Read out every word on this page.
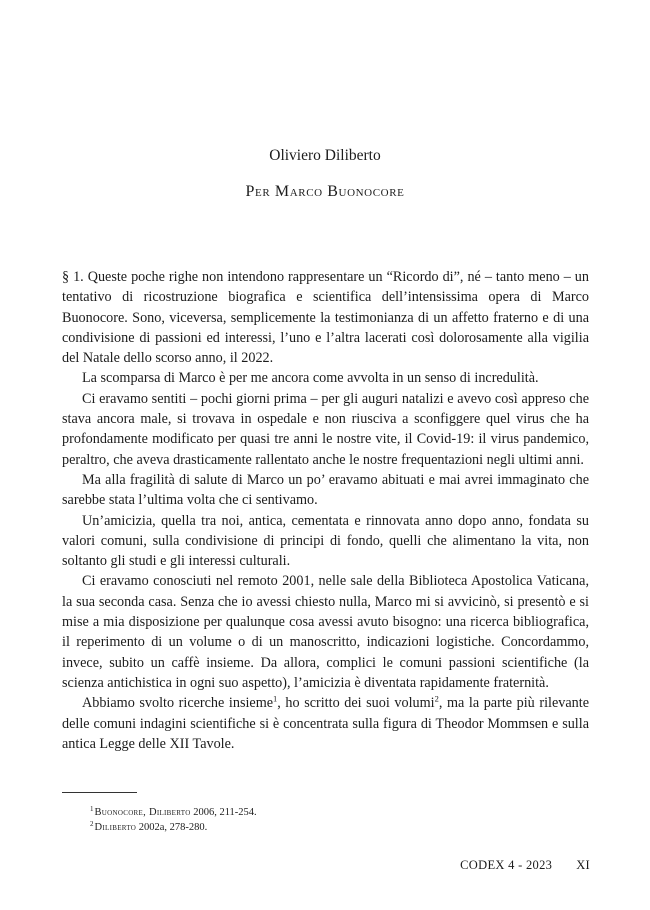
Oliviero Diliberto
Per Marco Buonocore

§ 1. Queste poche righe non intendono rappresentare un “Ricordo di”, né – tanto meno – un tentativo di ricostruzione biografica e scientifica dell’intensissima opera di Marco Buonocore. Sono, viceversa, semplicemente la testimonianza di un affetto fraterno e di una condivisione di passioni ed interessi, l’uno e l’altra lacerati così dolorosamente alla vigilia del Natale dello scorso anno, il 2022.

La scomparsa di Marco è per me ancora come avvolta in un senso di incredulità.

Ci eravamo sentiti – pochi giorni prima – per gli auguri natalizi e avevo così appreso che stava ancora male, si trovava in ospedale e non riusciva a sconfiggere quel virus che ha profondamente modificato per quasi tre anni le nostre vite, il Covid-19: il virus pandemico, peraltro, che aveva drasticamente rallentato anche le nostre frequentazioni negli ultimi anni.

Ma alla fragilità di salute di Marco un po’ eravamo abituati e mai avrei immaginato che sarebbe stata l’ultima volta che ci sentivamo.

Un’amicizia, quella tra noi, antica, cementata e rinnovata anno dopo anno, fondata su valori comuni, sulla condivisione di principi di fondo, quelli che alimentano la vita, non soltanto gli studi e gli interessi culturali.

Ci eravamo conosciuti nel remoto 2001, nelle sale della Biblioteca Apostolica Vaticana, la sua seconda casa. Senza che io avessi chiesto nulla, Marco mi si avvicinò, si presentò e si mise a mia disposizione per qualunque cosa avessi avuto bisogno: una ricerca bibliografica, il reperimento di un volume o di un manoscritto, indicazioni logistiche. Concordammo, invece, subito un caffè insieme. Da allora, complici le comuni passioni scientifiche (la scienza antichistica in ogni suo aspetto), l’amicizia è diventata rapidamente fraternità.

Abbiamo svolto ricerche insieme$^1$, ho scritto dei suoi volumi$^2$, ma la parte più rilevante delle comuni indagini scientifiche si è concentrata sulla figura di Theodor Mommsen e sulla antica Legge delle XII Tavole.

$^1$Buonocore, Diliberto 2006, 211-254.

$^2$Diliberto 2002a, 278-280.

CODEX 4 - 2023 XI
